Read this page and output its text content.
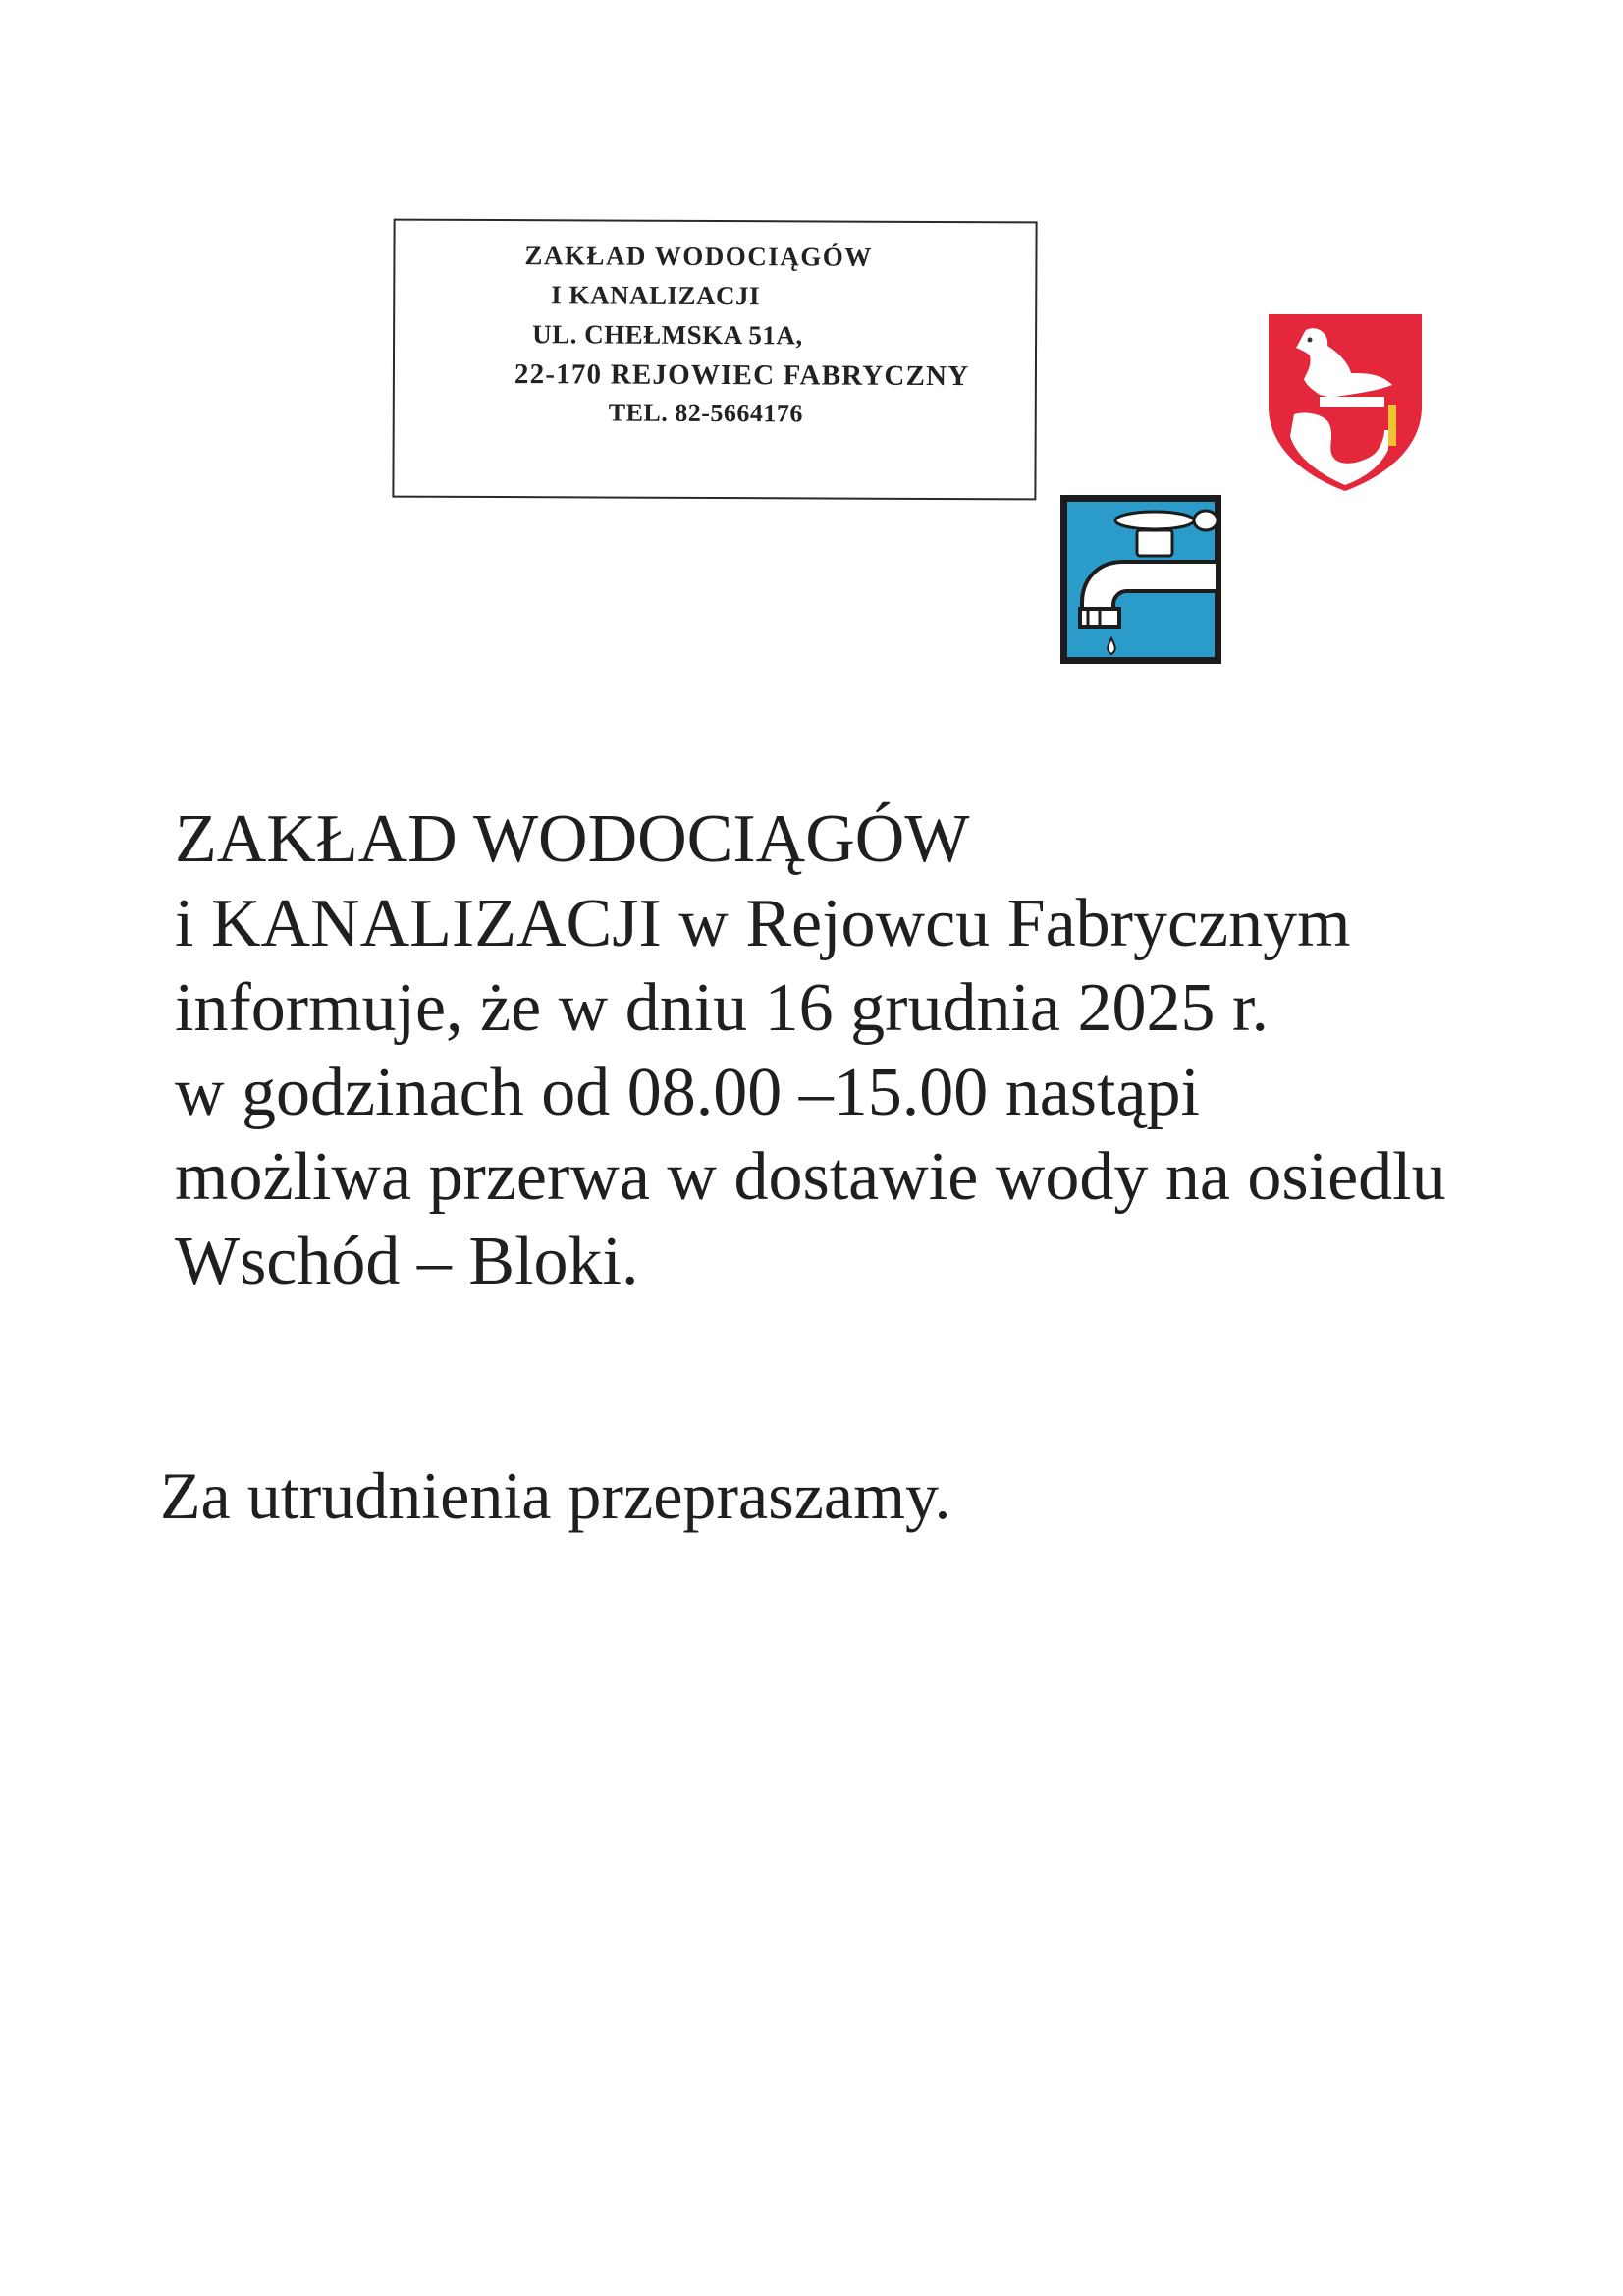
ZAKŁAD WODOCIĄGÓW
I KANALIZACJI
UL. CHEŁMSKA 51A,
22-170 REJOWIEC FABRYCZNY
TEL. 82-5664176
ZAKŁAD WODOCIĄGÓW
i KANALIZACJI w Rejowcu Fabrycznym
informuje, że w dniu 16 grudnia 2025 r.
w godzinach od 08.00 –15.00 nastąpi
możliwa przerwa w dostawie wody na osiedlu
Wschód – Bloki.
Za utrudnienia przepraszamy.
